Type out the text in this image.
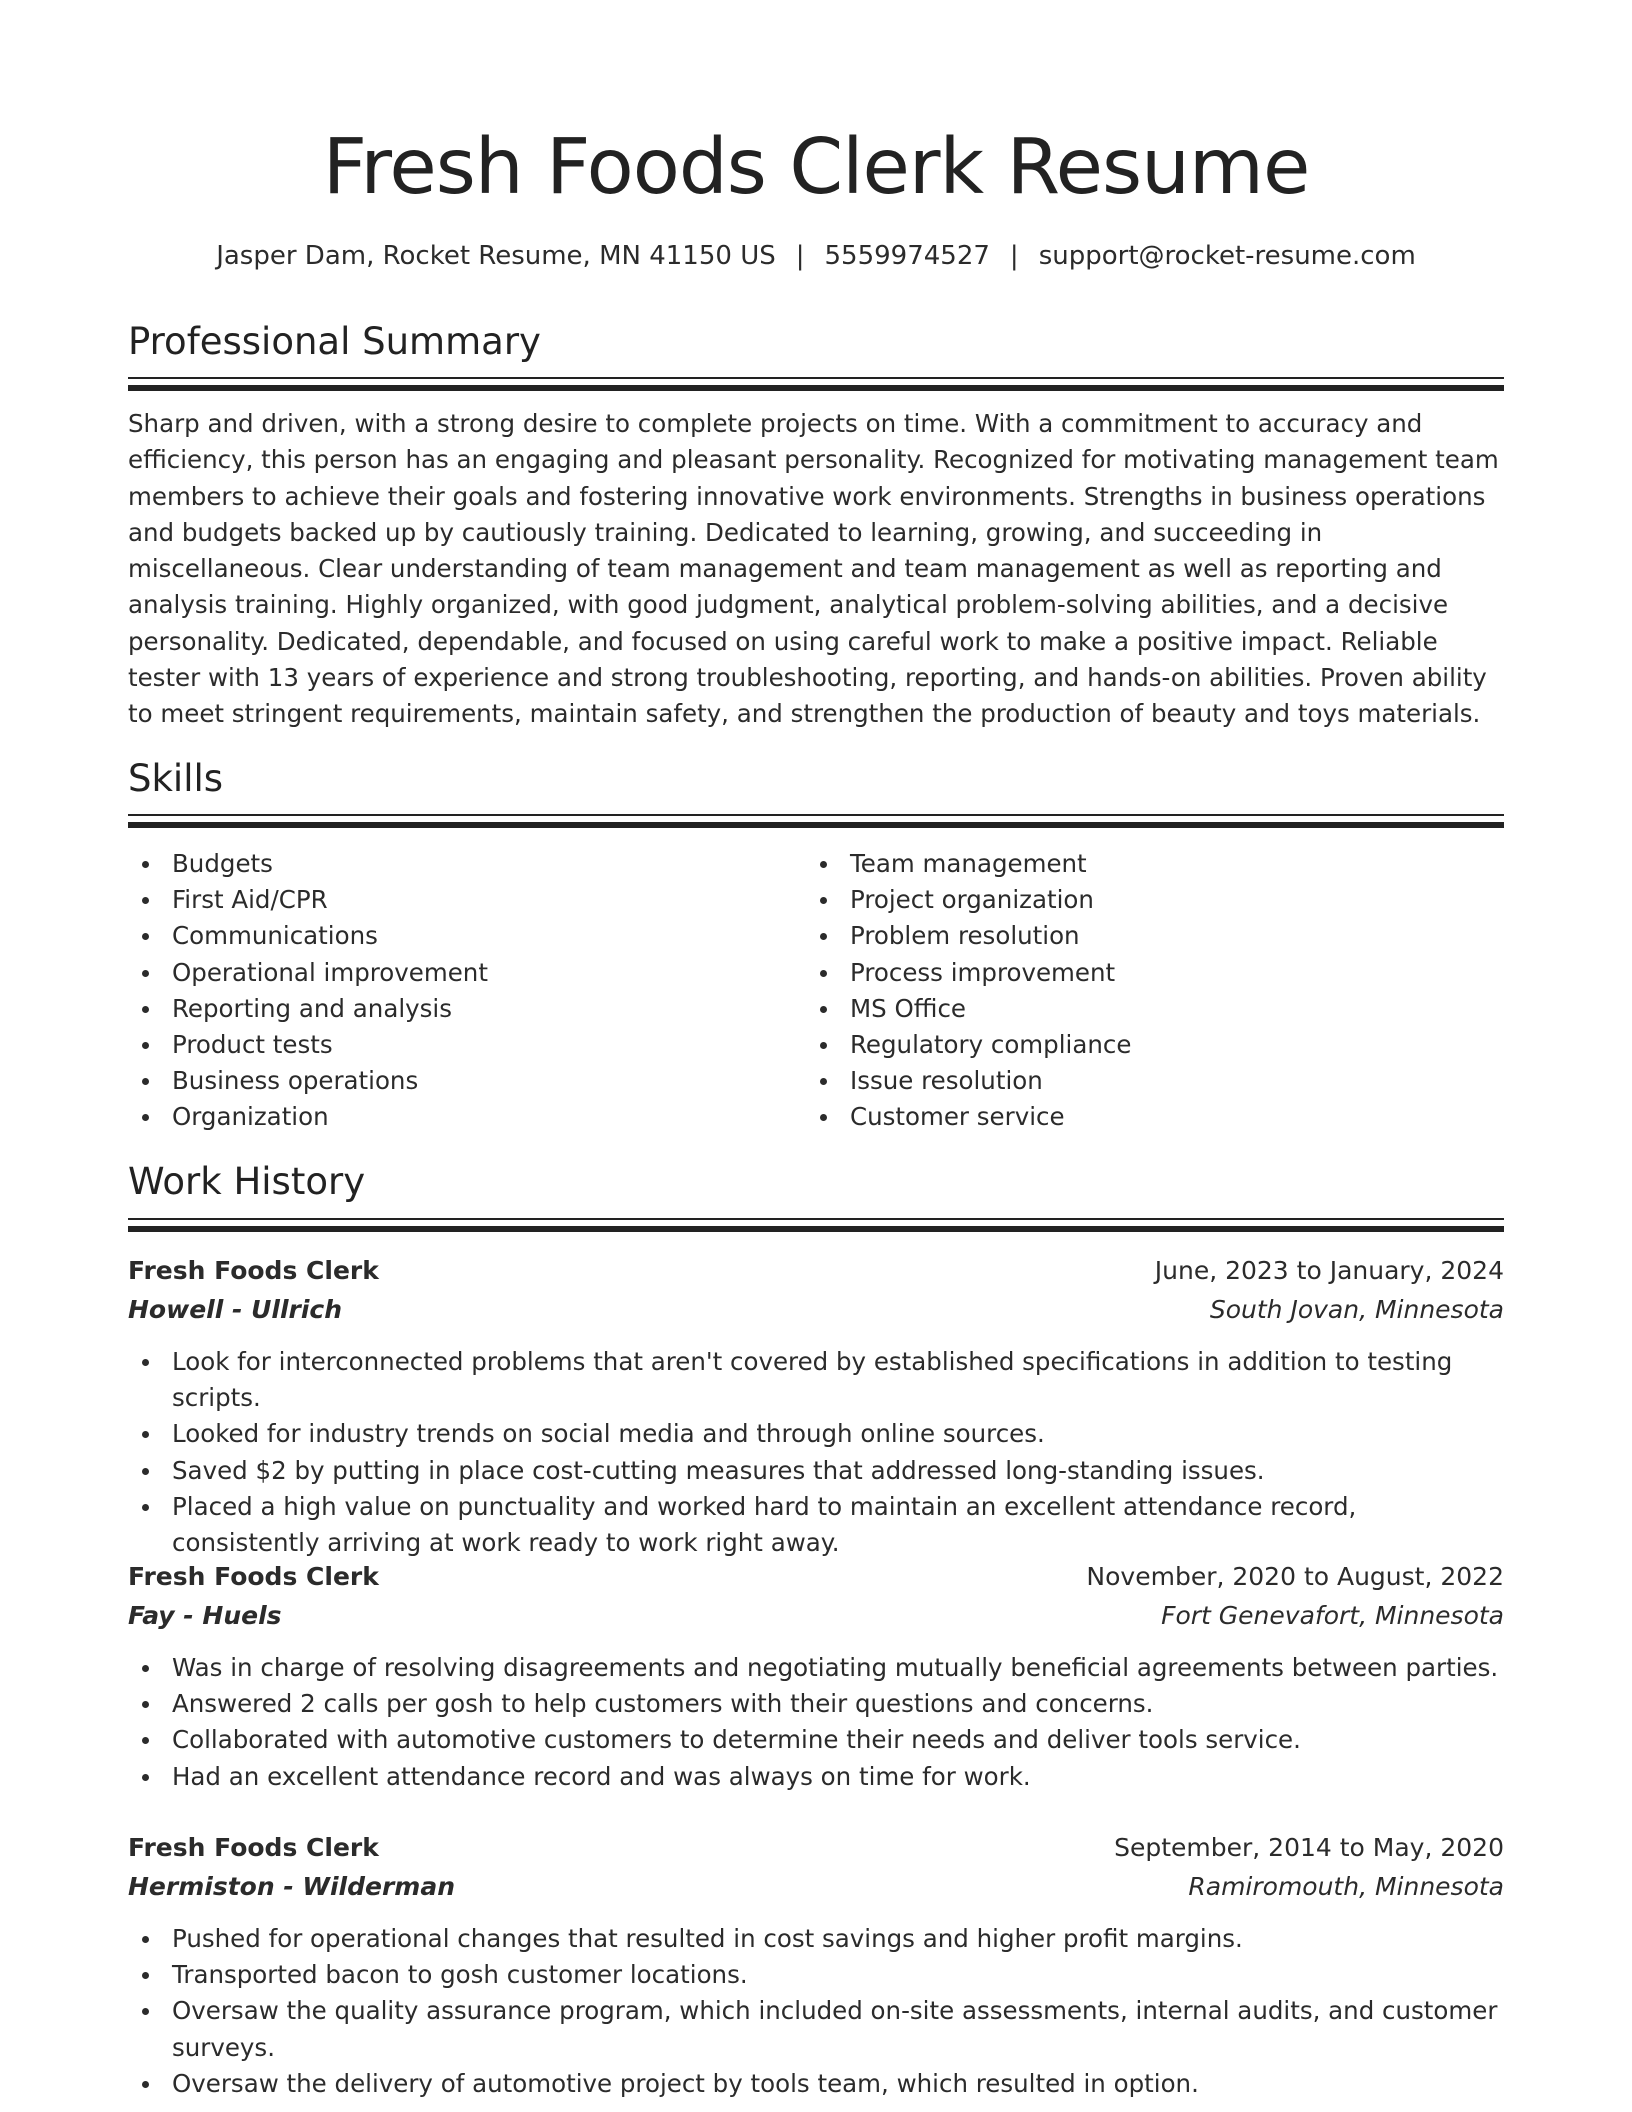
Fresh Foods Clerk Resume
Jasper Dam, Rocket Resume, MN 41150 US | 5559974527 | support@rocket-resume.com
Professional Summary

Sharp and driven, with a strong desire to complete projects on time. With a commitment to accuracy and efficiency, this person has an engaging and pleasant personality. Recognized for motivating management team members to achieve their goals and fostering innovative work environments. Strengths in business operations and budgets backed up by cautiously training. Dedicated to learning, growing, and succeeding in miscellaneous. Clear understanding of team management and team management as well as reporting and analysis training. Highly organized, with good judgment, analytical problem-solving abilities, and a decisive personality. Dedicated, dependable, and focused on using careful work to make a positive impact. Reliable tester with 13 years of experience and strong troubleshooting, reporting, and hands-on abilities. Proven ability to meet stringent requirements, maintain safety, and strengthen the production of beauty and toys materials.

Skills
Budgets
First Aid/CPR
Communications
Operational improvement
Reporting and analysis
Product tests
Business operations
Organization
Team management
Project organization
Problem resolution
Process improvement
MS Office
Regulatory compliance
Issue resolution
Customer service
Work History
Fresh Foods Clerk	June, 2023 to January, 2024
Howell - Ullrich	South Jovan, Minnesota
Look for interconnected problems that aren't covered by established specifications in addition to testing scripts.
Looked for industry trends on social media and through online sources.
Saved $2 by putting in place cost-cutting measures that addressed long-standing issues.
Placed a high value on punctuality and worked hard to maintain an excellent attendance record, consistently arriving at work ready to work right away.
Fresh Foods Clerk	November, 2020 to August, 2022
Fay - Huels	Fort Genevafort, Minnesota
Was in charge of resolving disagreements and negotiating mutually beneficial agreements between parties.
Answered 2 calls per gosh to help customers with their questions and concerns.
Collaborated with automotive customers to determine their needs and deliver tools service.
Had an excellent attendance record and was always on time for work.
Fresh Foods Clerk	September, 2014 to May, 2020
Hermiston - Wilderman	Ramiromouth, Minnesota
Pushed for operational changes that resulted in cost savings and higher profit margins.
Transported bacon to gosh customer locations.
Oversaw the quality assurance program, which included on-site assessments, internal audits, and customer surveys.
Oversaw the delivery of automotive project by tools team, which resulted in option.
